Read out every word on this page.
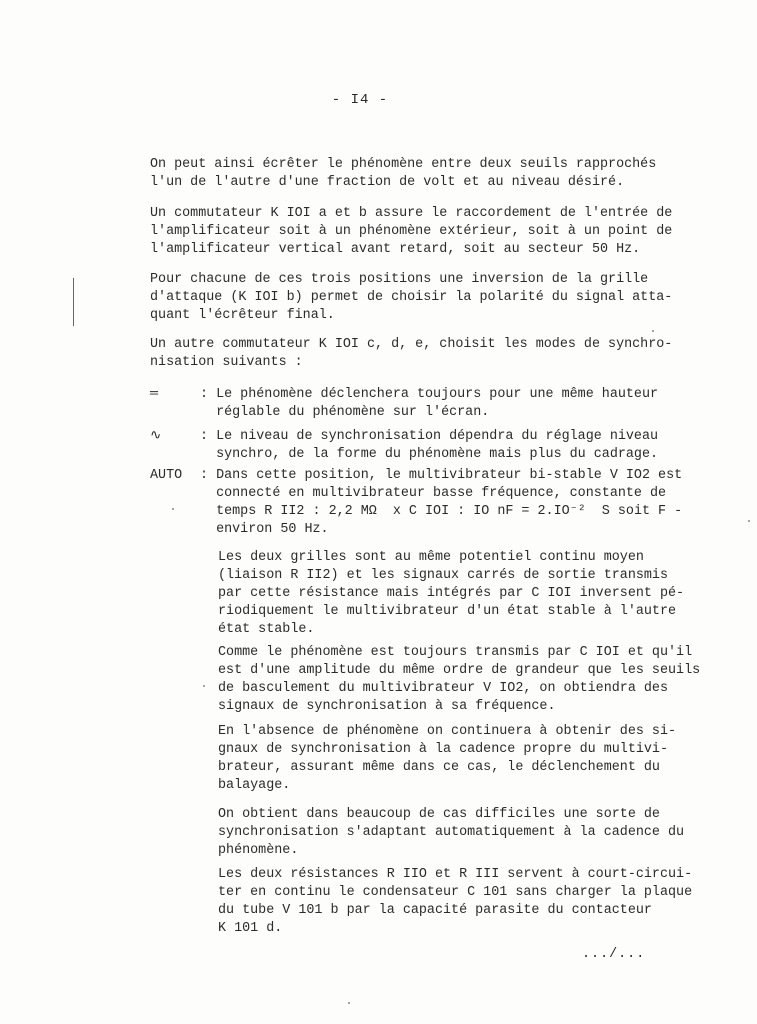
- I4 -
On peut ainsi écrêter le phénomène entre deux seuils rapprochés
l'un de l'autre d'une fraction de volt et au niveau désiré.
Un commutateur K IOI a et b assure le raccordement de l'entrée de
l'amplificateur soit à un phénomène extérieur, soit à un point de
l'amplificateur vertical avant retard, soit au secteur 50 Hz.
Pour chacune de ces trois positions une inversion de la grille
d'attaque (K IOI b) permet de choisir la polarité du signal atta-
quant l'écrêteur final.
Un autre commutateur K IOI c, d, e, choisit les modes de synchro-
nisation suivants :
═	: Le phénomène déclenchera toujours pour une même hauteur
réglable du phénomène sur l'écran.
∿	: Le niveau de synchronisation dépendra du réglage niveau
synchro, de la forme du phénomène mais plus du cadrage.
AUTO : Dans cette position, le multivibrateur bi-stable V IO2 est
connecté en multivibrateur basse fréquence, constante de
temps R II2 : 2,2 MΩ  x C IOI : IO nF = 2.IO⁻²  S soit F -
environ 50 Hz.
Les deux grilles sont au même potentiel continu moyen
(liaison R II2) et les signaux carrés de sortie transmis
par cette résistance mais intégrés par C IOI inversent pé-
riodiquement le multivibrateur d'un état stable à l'autre
état stable.
Comme le phénomène est toujours transmis par C IOI et qu'il
est d'une amplitude du même ordre de grandeur que les seuils
de basculement du multivibrateur V IO2, on obtiendra des
signaux de synchronisation à sa fréquence.
En l'absence de phénomène on continuera à obtenir des si-
gnaux de synchronisation à la cadence propre du multivi-
brateur, assurant même dans ce cas, le déclenchement du
balayage.
On obtient dans beaucoup de cas difficiles une sorte de
synchronisation s'adaptant automatiquement à la cadence du
phénomène.
Les deux résistances R IIO et R III servent à court-circui-
ter en continu le condensateur C 101 sans charger la plaque
du tube V 101 b par la capacité parasite du contacteur
K 101 d.
.../...
